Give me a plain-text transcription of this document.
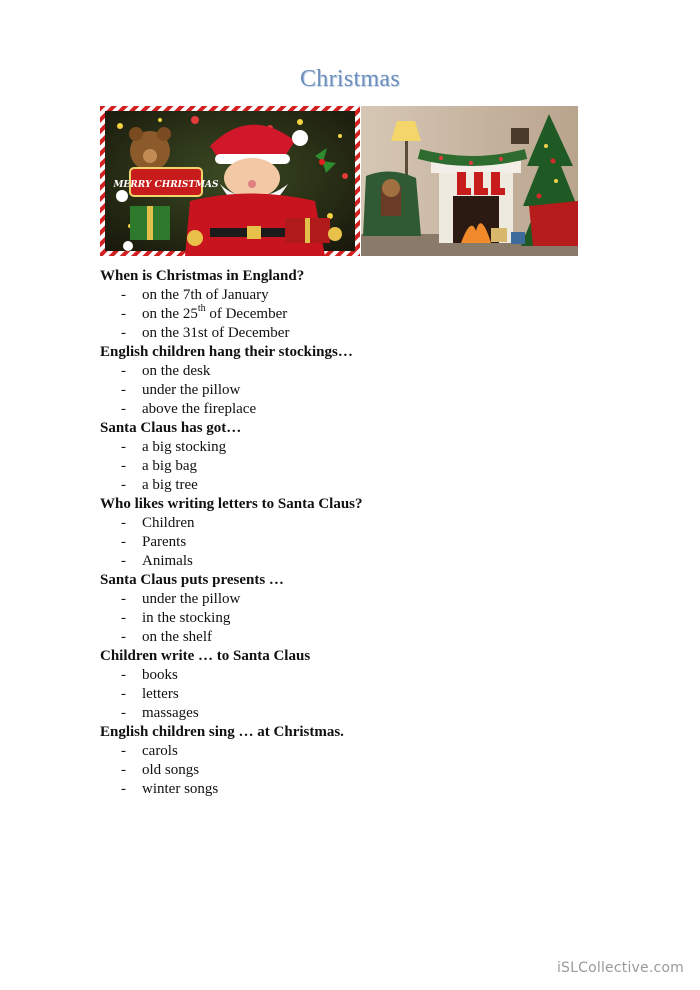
Christmas
MERRY CHRISTMAS

When is Christmas in England?

- on the 7th of January
- on the 25th of December
- on the 31st of December

English children hang their stockings…

- on the desk
- under the pillow
- above the fireplace

Santa Claus has got…

- a big stocking
- a big bag
- a big tree

Who likes writing letters to Santa Claus?

- Children
- Parents
- Animals

Santa Claus puts presents …

- under the pillow
- in the stocking
- on the shelf

Children write … to Santa Claus

- books
- letters
- massages

English children sing … at Christmas.

- carols
- old songs
- winter songs
iSLCollective.com
